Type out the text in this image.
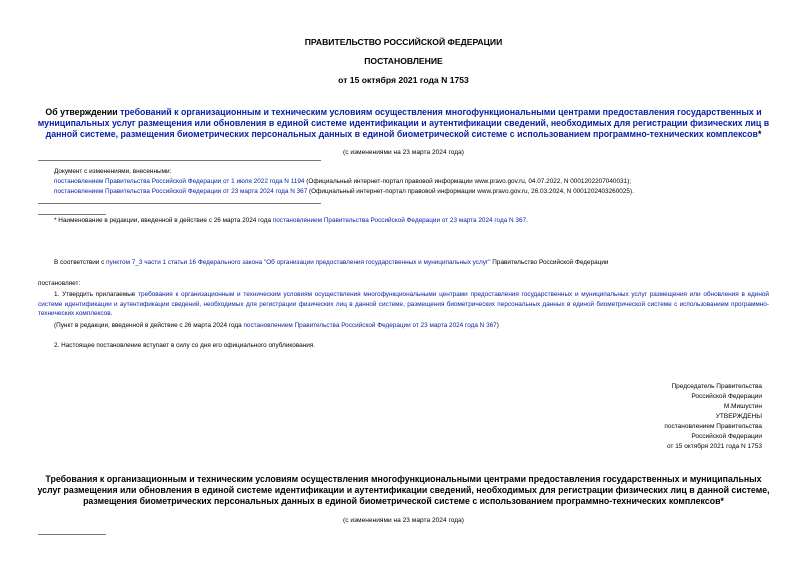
ПРАВИТЕЛЬСТВО РОССИЙСКОЙ ФЕДЕРАЦИИ
ПОСТАНОВЛЕНИЕ
от 15 октября 2021 года N 1753
Об утверждении требований к организационным и техническим условиям осуществления многофункциональными центрами предоставления государственных и муниципальных услуг размещения или обновления в единой системе идентификации и аутентификации сведений, необходимых для регистрации физических лиц в данной системе, размещения биометрических персональных данных в единой биометрической системе с использованием программно-технических комплексов*
(с изменениями на 23 марта 2024 года)
Документ с изменениями, внесенными:
постановлением Правительства Российской Федерации от 1 июля 2022 года N 1194 (Официальный интернет-портал правовой информации www.pravo.gov.ru, 04.07.2022, N 0001202207040031);
постановлением Правительства Российской Федерации от 23 марта 2024 года N 367 (Официальный интернет-портал правовой информации www.pravo.gov.ru, 26.03.2024, N 0001202403260025).
* Наименование в редакции, введенной в действие с 26 марта 2024 года постановлением Правительства Российской Федерации от 23 марта 2024 года N 367.
В соответствии с пунктом 7_3 части 1 статьи 16 Федерального закона "Об организации предоставления государственных и муниципальных услуг" Правительство Российской Федерации
постановляет:
1. Утвердить прилагаемые требования к организационным и техническим условиям осуществления многофункциональными центрами предоставления государственных и муниципальных услуг размещения или обновления в единой системе идентификации и аутентификации сведений, необходимых для регистрации физических лиц в данной системе, размещения биометрических персональных данных в единой биометрической системе с использованием программно-технических комплексов.
(Пункт в редакции, введенной в действие с 26 марта 2024 года постановлением Правительства Российской Федерации от 23 марта 2024 года N 367)
2. Настоящее постановление вступает в силу со дня его официального опубликования.
Председатель Правительства
Российской Федерации
М.Мишустин
УТВЕРЖДЕНЫ
постановлением Правительства
Российской Федерации
от 15 октября 2021 года N 1753
Требования к организационным и техническим условиям осуществления многофункциональными центрами предоставления государственных и муниципальных услуг размещения или обновления в единой системе идентификации и аутентификации сведений, необходимых для регистрации физических лиц в данной системе, размещения биометрических персональных данных в единой биометрической системе с использованием программно-технических комплексов*
(с изменениями на 23 марта 2024 года)
